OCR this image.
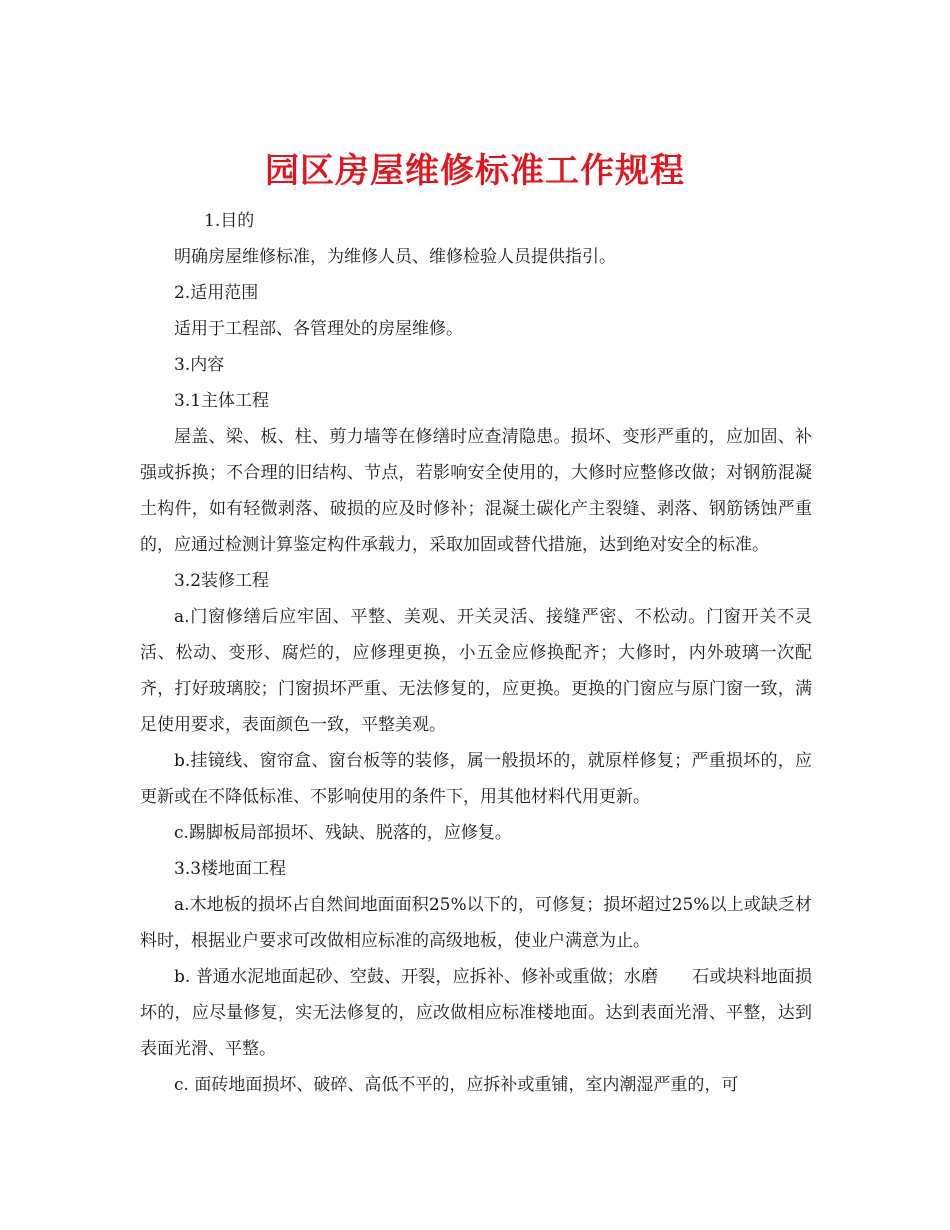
园区房屋维修标准工作规程

1.目的

明确房屋维修标准，为维修人员、维修检验人员提供指引。

2.适用范围

适用于工程部、各管理处的房屋维修。

3.内容

3.1主体工程

屋盖、梁、板、柱、剪力墙等在修缮时应查清隐患。损坏、变形严重的，应加固、补强或拆换；不合理的旧结构、节点，若影响安全使用的，大修时应整修改做；对钢筋混凝土构件，如有轻微剥落、破损的应及时修补；混凝土碳化产主裂缝、剥落、钢筋锈蚀严重的，应通过检测计算鉴定构件承载力，采取加固或替代措施，达到绝对安全的标准。

3.2装修工程

a.门窗修缮后应牢固、平整、美观、开关灵活、接缝严密、不松动。门窗开关不灵活、松动、变形、腐烂的，应修理更换，小五金应修换配齐；大修时，内外玻璃一次配齐，打好玻璃胶；门窗损坏严重、无法修复的，应更换。更换的门窗应与原门窗一致，满足使用要求，表面颜色一致，平整美观。

b.挂镜线、窗帘盒、窗台板等的装修，属一般损坏的，就原样修复；严重损坏的，应更新或在不降低标准、不影响使用的条件下，用其他材料代用更新。

c.踢脚板局部损坏、残缺、脱落的，应修复。

3.3楼地面工程

a.木地板的损坏占自然间地面面积25%以下的，可修复；损坏超过25%以上或缺乏材料时，根据业户要求可改做相应标准的高级地板，使业户满意为止。

b. 普通水泥地面起砂、空鼓、开裂，应拆补、修补或重做；水磨 石或块料地面损坏的，应尽量修复，实无法修复的，应改做相应标准楼地面。达到表面光滑、平整，达到表面光滑、平整。

c. 面砖地面损坏、破碎、高低不平的，应拆补或重铺，室内潮湿严重的，可
